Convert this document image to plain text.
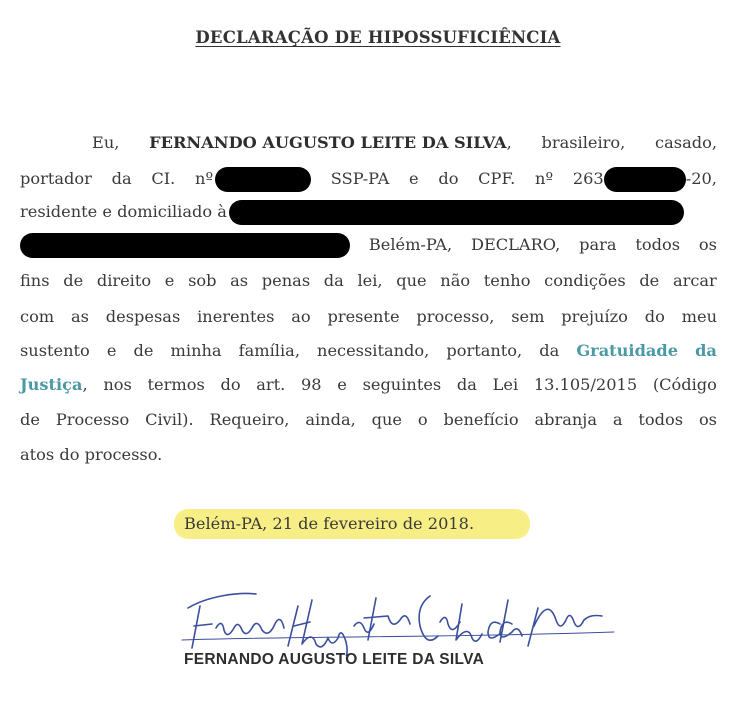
DECLARAÇÃO DE HIPOSSUFICIÊNCIA
Eu, FERNANDO AUGUSTO LEITE DA SILVA, brasileiro, casado,
portador da CI. nº	SSP-PA e do CPF. nº 263	-20,
residente e domiciliado à
Belém-PA, DECLARO, para todos os
fins de direito e sob as penas da lei, que não tenho condições de arcar
com as despesas inerentes ao presente processo, sem prejuízo do meu
sustento e de minha família, necessitando, portanto, da Gratuidade da
Justiça, nos termos do art. 98 e seguintes da Lei 13.105/2015 (Código
de Processo Civil). Requeiro, ainda, que o benefício abranja a todos os
atos do processo.
Belém-PA, 21 de fevereiro de 2018.
FERNANDO AUGUSTO LEITE DA SILVA
